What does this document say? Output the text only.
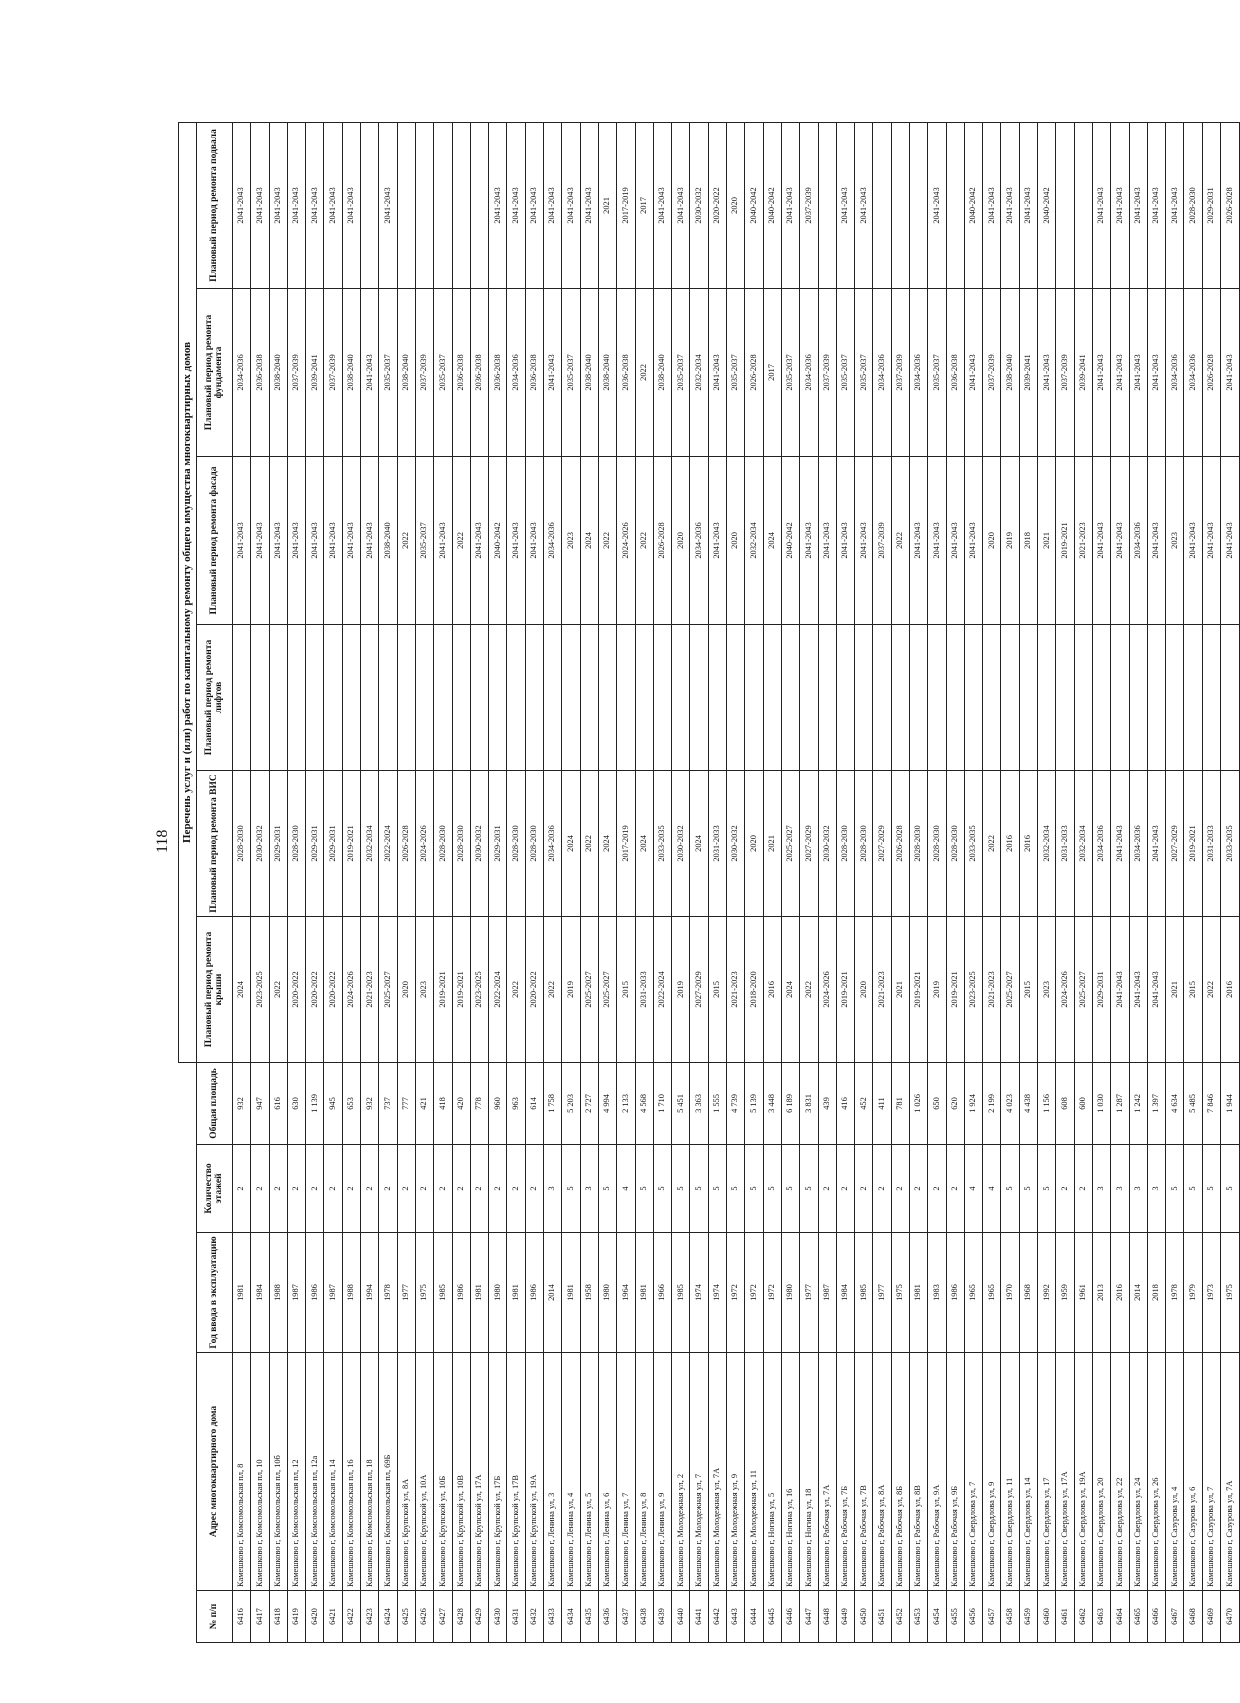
118
					Перечень услуг и (или) работ по капитальному ремонту общего имущества многоквартирных домов					
№ п/п	Адрес многоквартирного дома	Год ввода в эксплуатацию	Количество этажей	Общая площадь	Плановый период ремонта крыши	Плановый период ремонта ВИС	Плановый период ремонта лифтов	Плановый период ремонта фасада	Плановый период ремонта фундамента	Плановый период ремонта подвала
6416	Камешково г, Комсомольская пл, 8	1981	2	932	2024	2028-2030		2041-2043	2034-2036	2041-2043
6417	Камешково г, Комсомольская пл, 10	1984	2	947	2023-2025	2030-2032		2041-2043	2036-2038	2041-2043
6418	Камешково г, Комсомольская пл, 10б	1988	2	616	2022	2029-2031		2041-2043	2038-2040	2041-2043
6419	Камешково г, Комсомольская пл, 12	1987	2	630	2020-2022	2028-2030		2041-2043	2037-2039	2041-2043
6420	Камешково г, Комсомольская пл, 12а	1986	2	1 139	2020-2022	2029-2031		2041-2043	2039-2041	2041-2043
6421	Камешково г, Комсомольская пл, 14	1987	2	945	2020-2022	2029-2031		2041-2043	2037-2039	2041-2043
6422	Камешково г, Комсомольская пл, 16	1988	2	653	2024-2026	2019-2021		2041-2043	2038-2040	2041-2043
6423	Камешково г, Комсомольская пл, 18	1994	2	932	2021-2023	2032-2034		2041-2043	2041-2043	
6424	Камешково г, Комсомольская пл, 69Б	1978	2	737	2025-2027	2022-2024		2038-2040	2035-2037	2041-2043
6425	Камешково г, Крупской ул, 8А	1977	2	777	2020	2026-2028		2022	2038-2040	
6426	Камешково г, Крупской ул, 10А	1975	2	421	2023	2024-2026		2035-2037	2037-2039	
6427	Камешково г, Крупской ул, 10Б	1985	2	418	2019-2021	2028-2030		2041-2043	2035-2037	
6428	Камешково г, Крупской ул, 10В	1986	2	420	2019-2021	2028-2030		2022	2036-2038	
6429	Камешково г, Крупской ул, 17А	1981	2	778	2023-2025	2030-2032		2041-2043	2036-2038	
6430	Камешково г, Крупской ул, 17Б	1980	2	960	2022-2024	2029-2031		2040-2042	2036-2038	2041-2043
6431	Камешково г, Крупской ул, 17В	1981	2	963	2022	2028-2030		2041-2043	2034-2036	2041-2043
6432	Камешково г, Крупской ул, 19А	1986	2	614	2020-2022	2028-2030		2041-2043	2036-2038	2041-2043
6433	Камешково г, Ленина ул, 3	2014	3	1 758	2022	2034-2036		2034-2036	2041-2043	2041-2043
6434	Камешково г, Ленина ул, 4	1981	5	5 203	2019	2024		2023	2035-2037	2041-2043
6435	Камешково г, Ленина ул, 5	1958	3	2 727	2025-2027	2022		2024	2038-2040	2041-2043
6436	Камешково г, Ленина ул, 6	1980	5	4 994	2025-2027	2024		2022	2038-2040	2021
6437	Камешково г, Ленина ул, 7	1964	4	2 133	2015	2017-2019		2024-2026	2036-2038	2017-2019
6438	Камешково г, Ленина ул, 8	1981	5	4 568	2031-2033	2024		2022	2022	2017
6439	Камешково г, Ленина ул, 9	1966	5	1 710	2022-2024	2033-2035		2026-2028	2038-2040	2041-2043
6440	Камешково г, Молодежная ул, 2	1985	5	5 451	2019	2030-2032		2020	2035-2037	2041-2043
6441	Камешково г, Молодежная ул, 7	1974	5	3 363	2027-2029	2024		2034-2036	2032-2034	2030-2032
6442	Камешково г, Молодежная ул, 7А	1974	5	1 555	2015	2031-2033		2041-2043	2041-2043	2020-2022
6443	Камешково г, Молодежная ул, 9	1972	5	4 739	2021-2023	2030-2032		2020	2035-2037	2020
6444	Камешково г, Молодежная ул, 11	1972	5	5 139	2018-2020	2020		2032-2034	2026-2028	2040-2042
6445	Камешково г, Ногина ул, 5	1972	5	3 448	2016	2021		2024	2017	2040-2042
6446	Камешково г, Ногина ул, 16	1980	5	6 189	2024	2025-2027		2040-2042	2035-2037	2041-2043
6447	Камешково г, Ногина ул, 18	1977	5	3 831	2022	2027-2029		2041-2043	2034-2036	2037-2039
6448	Камешково г, Рабочая ул, 7А	1987	2	439	2024-2026	2030-2032		2041-2043	2037-2039	
6449	Камешково г, Рабочая ул, 7Б	1984	2	416	2019-2021	2028-2030		2041-2043	2035-2037	2041-2043
6450	Камешково г, Рабочая ул, 7В	1985	2	452	2020	2028-2030		2041-2043	2035-2037	2041-2043
6451	Камешково г, Рабочая ул, 8А	1977	2	411	2021-2023	2027-2029		2037-2039	2034-2036	
6452	Камешково г, Рабочая ул, 8Б	1975	2	781	2021	2026-2028		2022	2037-2039	
6453	Камешково г, Рабочая ул, 8В	1981	2	1 026	2019-2021	2028-2030		2041-2043	2034-2036	
6454	Камешково г, Рабочая ул, 9А	1983	2	650	2019	2028-2030		2041-2043	2035-2037	2041-2043
6455	Камешково г, Рабочая ул, 9Б	1986	2	620	2019-2021	2028-2030		2041-2043	2036-2038	
6456	Камешково г, Свердлова ул, 7	1965	4	1 924	2023-2025	2033-2035		2041-2043	2041-2043	2040-2042
6457	Камешково г, Свердлова ул, 9	1965	4	2 199	2021-2023	2022		2020	2037-2039	2041-2043
6458	Камешково г, Свердлова ул, 11	1970	5	4 023	2025-2027	2016		2019	2038-2040	2041-2043
6459	Камешково г, Свердлова ул, 14	1968	5	4 438	2015	2016		2018	2039-2041	2041-2043
6460	Камешково г, Свердлова ул, 17	1992	5	1 156	2023	2032-2034		2021	2041-2043	2040-2042
6461	Камешково г, Свердлова ул, 17А	1959	2	608	2024-2026	2031-2033		2019-2021	2037-2039	
6462	Камешково г, Свердлова ул, 19А	1961	2	600	2025-2027	2032-2034		2021-2023	2039-2041	
6463	Камешково г, Свердлова ул, 20	2013	3	1 030	2029-2031	2034-2036		2041-2043	2041-2043	2041-2043
6464	Камешково г, Свердлова ул, 22	2016	3	1 287	2041-2043	2041-2043		2041-2043	2041-2043	2041-2043
6465	Камешково г, Свердлова ул, 24	2014	3	1 242	2041-2043	2034-2036		2034-2036	2041-2043	2041-2043
6466	Камешково г, Свердлова ул, 26	2018	3	1 397	2041-2043	2041-2043		2041-2043	2041-2043	2041-2043
6467	Камешково г, Сазурова ул, 4	1978	5	4 634	2021	2027-2029		2023	2034-2036	2041-2043
6468	Камешково г, Сазурова ул, 6	1979	5	5 485	2015	2019-2021		2041-2043	2034-2036	2028-2030
6469	Камешково г, Сазурова ул, 7	1973	5	7 846	2022	2031-2033		2041-2043	2026-2028	2029-2031
6470	Камешково г, Сазурова ул, 7А	1975	5	1 944	2016	2033-2035		2041-2043	2041-2043	2026-2028
